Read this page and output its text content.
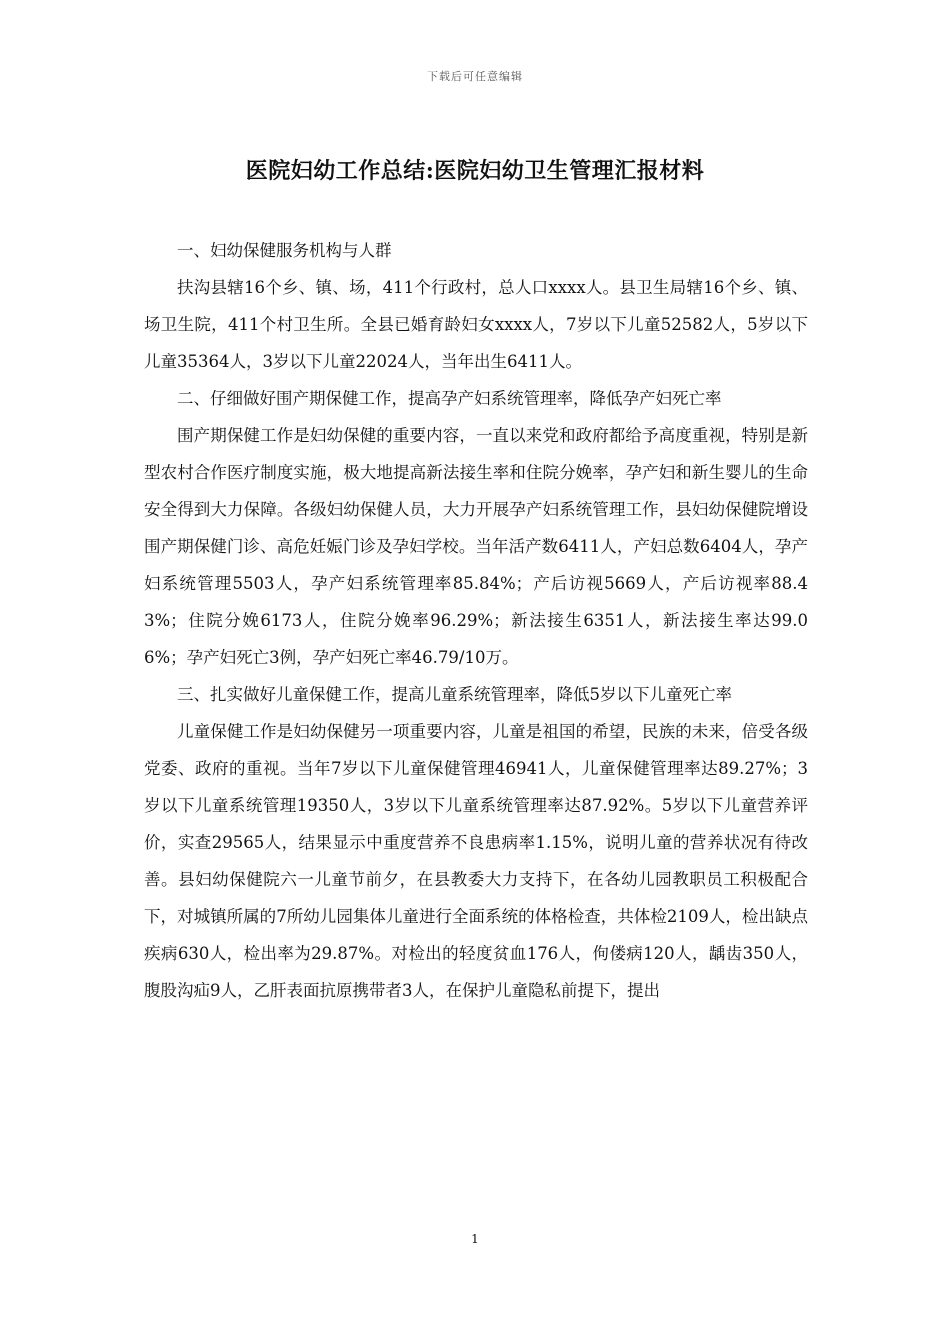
下载后可任意编辑
医院妇幼工作总结:医院妇幼卫生管理汇报材料

一、妇幼保健服务机构与人群

扶沟县辖16个乡、镇、场，411个行政村，总人口xxxx人。县卫生局辖16个乡、镇、场卫生院，411个村卫生所。全县已婚育龄妇女xxxx人，7岁以下儿童52582人，5岁以下儿童35364人，3岁以下儿童22024人，当年出生6411人。

二、仔细做好围产期保健工作，提高孕产妇系统管理率，降低孕产妇死亡率

围产期保健工作是妇幼保健的重要内容，一直以来党和政府都给予高度重视，特别是新型农村合作医疗制度实施，极大地提高新法接生率和住院分娩率，孕产妇和新生婴儿的生命安全得到大力保障。各级妇幼保健人员，大力开展孕产妇系统管理工作，县妇幼保健院增设围产期保健门诊、高危妊娠门诊及孕妇学校。当年活产数6411人，产妇总数6404人，孕产妇系统管理5503人，孕产妇系统管理率85.84%；产后访视5669人，产后访视率88.43%；住院分娩6173人，住院分娩率96.29%；新法接生6351人，新法接生率达99.06%；孕产妇死亡3例，孕产妇死亡率46.79/10万。

三、扎实做好儿童保健工作，提高儿童系统管理率，降低5岁以下儿童死亡率

儿童保健工作是妇幼保健另一项重要内容，儿童是祖国的希望，民族的未来，倍受各级党委、政府的重视。当年7岁以下儿童保健管理46941人，儿童保健管理率达89.27%；3岁以下儿童系统管理19350人，3岁以下儿童系统管理率达87.92%。5岁以下儿童营养评价，实查29565人，结果显示中重度营养不良患病率1.15%，说明儿童的营养状况有待改善。县妇幼保健院六一儿童节前夕，在县教委大力支持下，在各幼儿园教职员工积极配合下，对城镇所属的7所幼儿园集体儿童进行全面系统的体格检查，共体检2109人，检出缺点疾病630人，检出率为29.87%。对检出的轻度贫血176人，佝偻病120人，龋齿350人，腹股沟疝9人，乙肝表面抗原携带者3人，在保护儿童隐私前提下，提出

1
